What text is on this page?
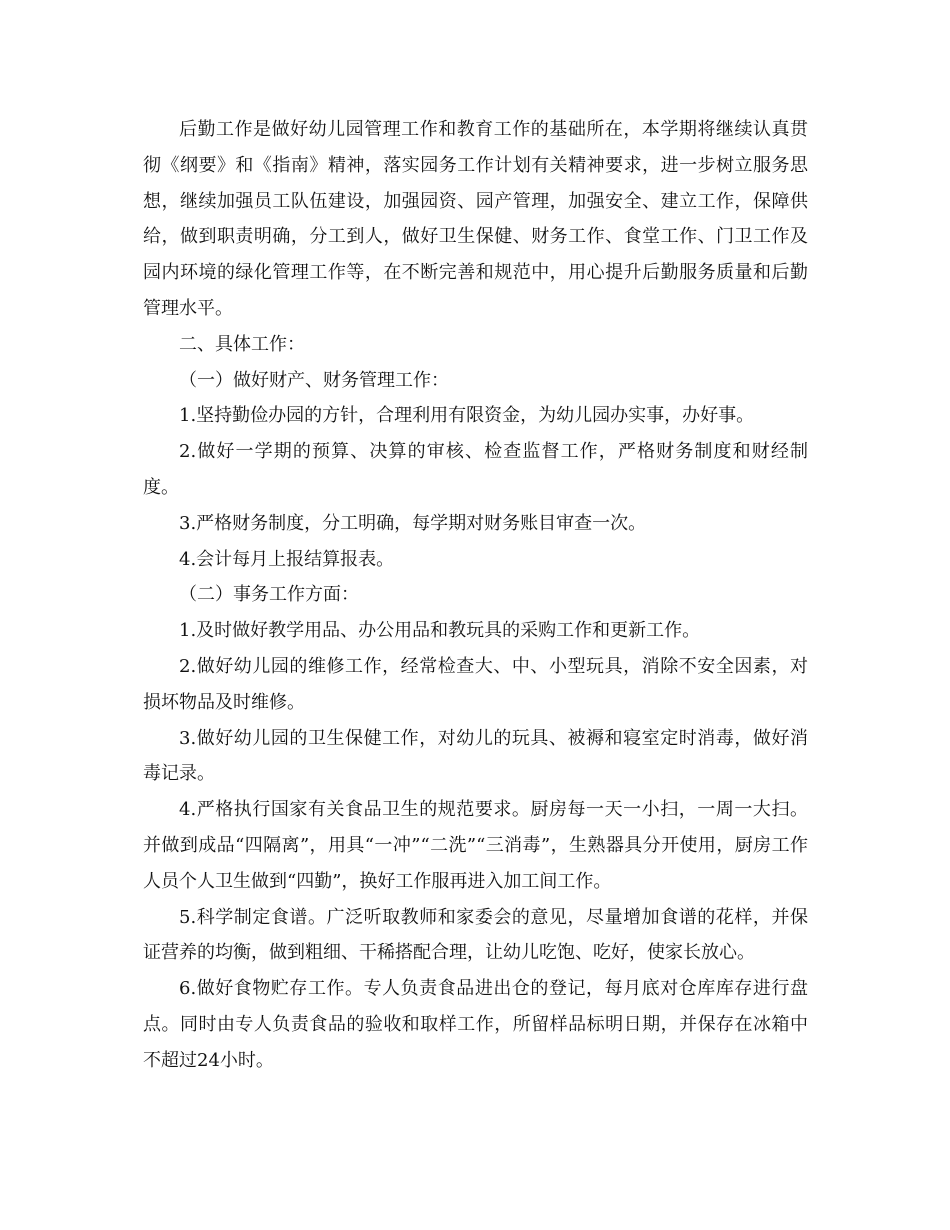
后勤工作是做好幼儿园管理工作和教育工作的基础所在，本学期将继续认真贯彻《纲要》和《指南》精神，落实园务工作计划有关精神要求，进一步树立服务思想，继续加强员工队伍建设，加强园资、园产管理，加强安全、建立工作，保障供给，做到职责明确，分工到人，做好卫生保健、财务工作、食堂工作、门卫工作及园内环境的绿化管理工作等，在不断完善和规范中，用心提升后勤服务质量和后勤管理水平。

二、具体工作：

（一）做好财产、财务管理工作：

1.坚持勤俭办园的方针，合理利用有限资金，为幼儿园办实事，办好事。

2.做好一学期的预算、决算的审核、检查监督工作，严格财务制度和财经制度。

3.严格财务制度，分工明确，每学期对财务账目审查一次。

4.会计每月上报结算报表。

（二）事务工作方面：

1.及时做好教学用品、办公用品和教玩具的采购工作和更新工作。

2.做好幼儿园的维修工作，经常检查大、中、小型玩具，消除不安全因素，对损坏物品及时维修。

3.做好幼儿园的卫生保健工作，对幼儿的玩具、被褥和寝室定时消毒，做好消毒记录。

4.严格执行国家有关食品卫生的规范要求。厨房每一天一小扫，一周一大扫。并做到成品“四隔离”，用具“一冲”“二洗”“三消毒”，生熟器具分开使用，厨房工作人员个人卫生做到“四勤”，换好工作服再进入加工间工作。

5.科学制定食谱。广泛听取教师和家委会的意见，尽量增加食谱的花样，并保证营养的均衡，做到粗细、干稀搭配合理，让幼儿吃饱、吃好，使家长放心。

6.做好食物贮存工作。专人负责食品进出仓的登记，每月底对仓库库存进行盘点。同时由专人负责食品的验收和取样工作，所留样品标明日期，并保存在冰箱中不超过24小时。
